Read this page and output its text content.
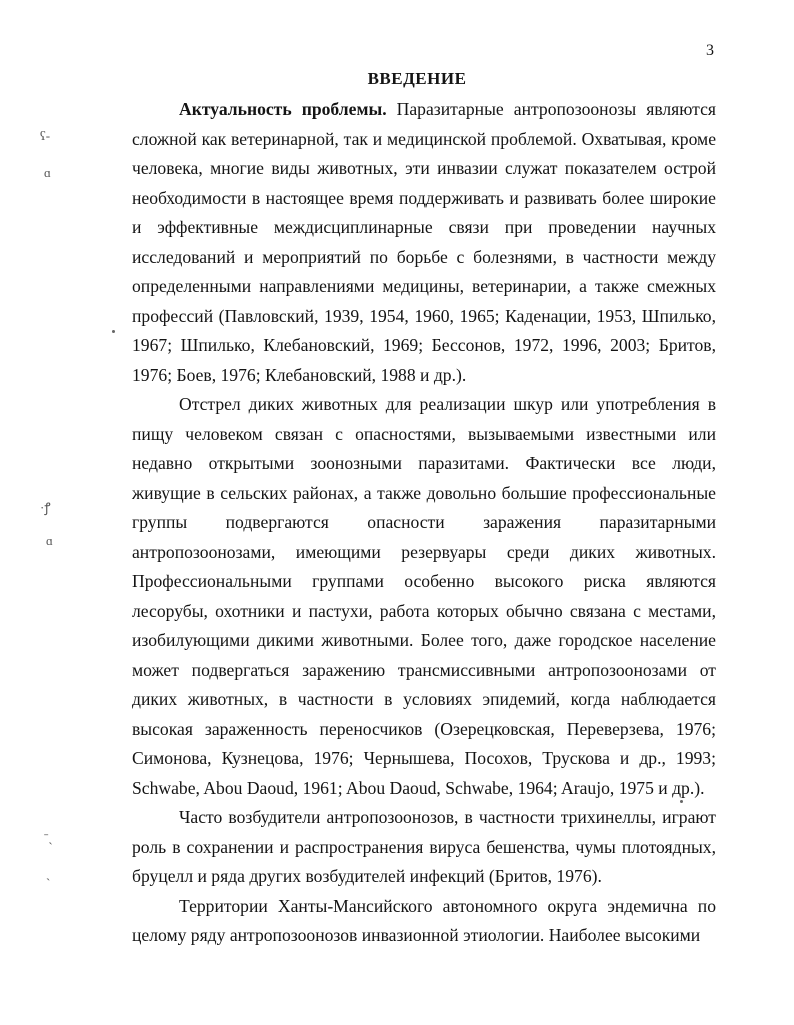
3
ВВЕДЕНИЕ

Актуальность проблемы. Паразитарные антропозоонозы являются сложной как ветеринарной, так и медицинской проблемой. Охватывая, кроме человека, многие виды животных, эти инвазии служат показателем острой необходимости в настоящее время поддерживать и развивать более широкие и эффективные междисциплинарные связи при проведении научных исследований и мероприятий по борьбе с болезнями, в частности между определенными направлениями медицины, ветеринарии, а также смежных профессий (Павловский, 1939, 1954, 1960, 1965; Каденации, 1953, Шпилько, 1967; Шпилько, Клебановский, 1969; Бессонов, 1972, 1996, 2003; Бритов, 1976; Боев, 1976; Клебановский, 1988 и др.).

Отстрел диких животных для реализации шкур или употребления в пищу человеком связан с опасностями, вызываемыми известными или недавно открытыми зоонозными паразитами. Фактически все люди, живущие в сельских районах, а также довольно большие профессиональные группы подвергаются опасности заражения паразитарными антропозоонозами, имеющими резервуары среди диких животных. Профессиональными группами особенно высокого риска являются лесорубы, охотники и пастухи, работа которых обычно связана с местами, изобилующими дикими животными. Более того, даже городское население может подвергаться заражению трансмиссивными антропозоонозами от диких животных, в частности в условиях эпидемий, когда наблюдается высокая зараженность переносчиков (Озерецковская, Переверзева, 1976; Симонова, Кузнецова, 1976; Чернышева, Посохов, Трускова и др., 1993; Schwabe, Abou Daoud, 1961; Abou Daoud, Schwabe, 1964; Araujo, 1975 и др.).

Часто возбудители антропозоонозов, в частности трихинеллы, играют роль в сохранении и распространения вируса бешенства, чумы плотоядных, бруцелл и ряда других возбудителей инфекций (Бритов, 1976).

Территории Ханты-Мансийского автономного округа эндемична по целому ряду антропозоонозов инвазионной этиологии. Наиболее высокими

ʕ‐
ɑ
·ꝭ
ɑ
ˉˎ
ˎ
